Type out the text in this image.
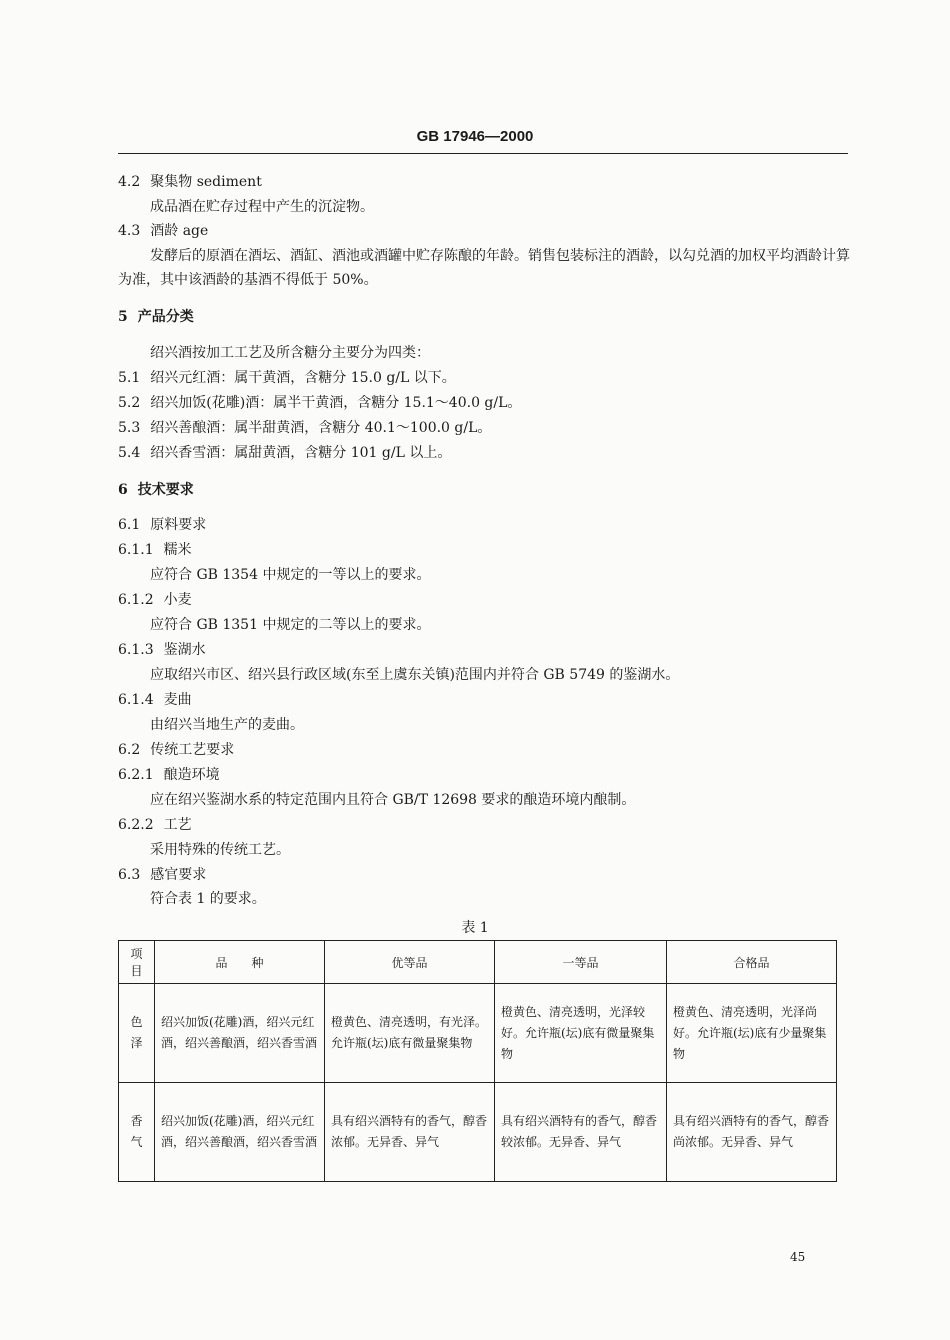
GB 17946—2000
4.2 聚集物 sediment
成品酒在贮存过程中产生的沉淀物。
4.3 酒龄 age
发酵后的原酒在酒坛、酒缸、酒池或酒罐中贮存陈酿的年龄。销售包装标注的酒龄，以勾兑酒的加权平均酒龄计算为准，其中该酒龄的基酒不得低于 50%。
5 产品分类
绍兴酒按加工工艺及所含糖分主要分为四类：
5.1 绍兴元红酒：属干黄酒，含糖分 15.0 g/L 以下。
5.2 绍兴加饭(花雕)酒：属半干黄酒，含糖分 15.1～40.0 g/L。
5.3 绍兴善酿酒：属半甜黄酒，含糖分 40.1～100.0 g/L。
5.4 绍兴香雪酒：属甜黄酒，含糖分 101 g/L 以上。
6 技术要求
6.1 原料要求
6.1.1 糯米
应符合 GB 1354 中规定的一等以上的要求。
6.1.2 小麦
应符合 GB 1351 中规定的二等以上的要求。
6.1.3 鉴湖水
应取绍兴市区、绍兴县行政区域(东至上虞东关镇)范围内并符合 GB 5749 的鉴湖水。
6.1.4 麦曲
由绍兴当地生产的麦曲。
6.2 传统工艺要求
6.2.1 酿造环境
应在绍兴鉴湖水系的特定范围内且符合 GB/T 12698 要求的酿造环境内酿制。
6.2.2 工艺
采用特殊的传统工艺。
6.3 感官要求
符合表 1 的要求。
表 1
项目	品　　种	优等品	一等品	合格品
色泽	绍兴加饭(花雕)酒，绍兴元红酒，绍兴善酿酒，绍兴香雪酒	橙黄色、清亮透明，有光泽。允许瓶(坛)底有微量聚集物	橙黄色、清亮透明，光泽较好。允许瓶(坛)底有微量聚集物	橙黄色、清亮透明，光泽尚好。允许瓶(坛)底有少量聚集物
香气	绍兴加饭(花雕)酒，绍兴元红酒，绍兴善酿酒，绍兴香雪酒	具有绍兴酒特有的香气，醇香浓郁。无异香、异气	具有绍兴酒特有的香气，醇香较浓郁。无异香、异气	具有绍兴酒特有的香气，醇香尚浓郁。无异香、异气
45
